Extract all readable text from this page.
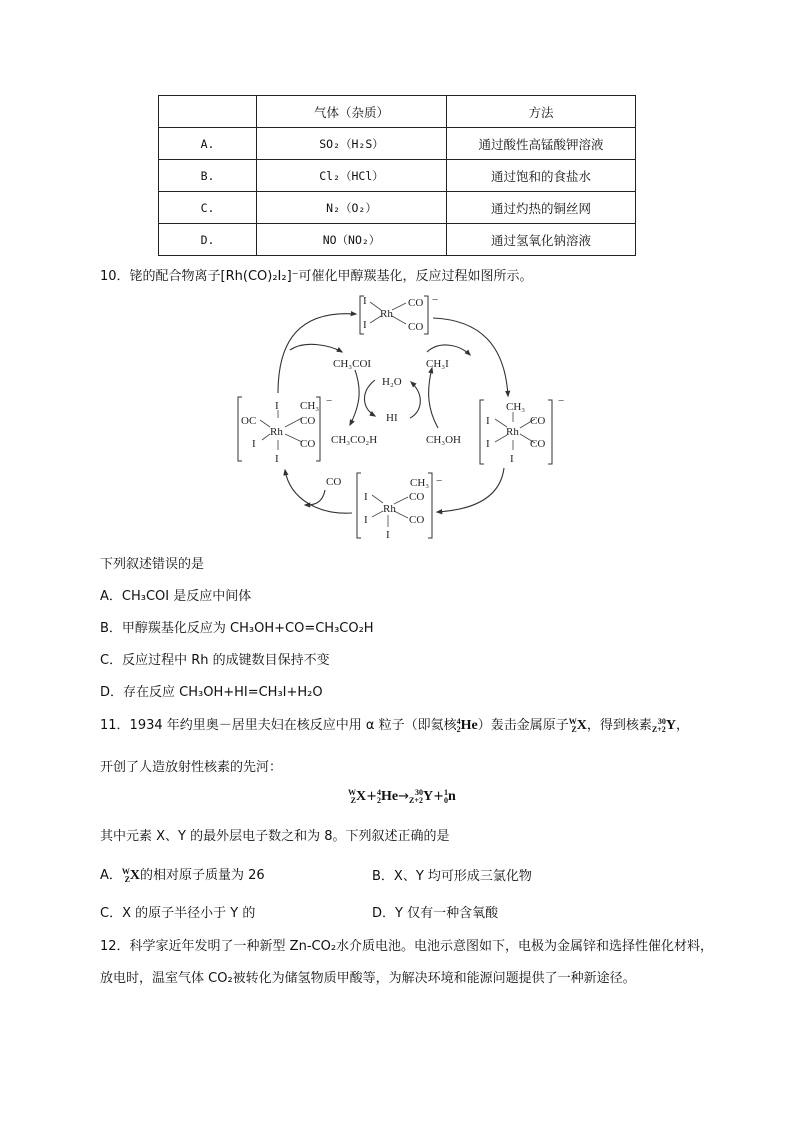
	气体（杂质）	方法
A.	SO₂（H₂S）	通过酸性高锰酸钾溶液
B.	Cl₂（HCl）	通过饱和的食盐水
C.	N₂（O₂）	通过灼热的铜丝网
D.	NO（NO₂）	通过氢氧化钠溶液
10．铑的配合物离子[Rh(CO)₂I₂]⁻可催化甲醇羰基化，反应过程如图所示。
I
I
Rh
CO
CO
−
I CH₃
OC
Rh
CO
I	CO
I
−	CH₃
I
Rh
CO
I	CO
I
−
CH₃
I
Rh
CO
I	CO
I
−
CH₃COI
H₂O
HI
CH₃CO₂H
CH₃I
CH₃OH
CO
下列叙述错误的是
A．CH₃COI 是反应中间体
B．甲醇羰基化反应为 CH₃OH+CO=CH₃CO₂H
C．反应过程中 Rh 的成键数目保持不变
D．存在反应 CH₃OH+HI=CH₃I+H₂O
11．1934 年约里奥－居里夫妇在核反应中用 α 粒子（即氦核 4
2 He）轰击金属原子 W
Z X，得到核素 30
Z+2 Y，
开创了人造放射性核素的先河：
W
Z X+ 4
2 He→ 30
Z+2 Y+ 1
0 n
其中元素 X、Y 的最外层电子数之和为 8。下列叙述正确的是
A． W
Z X的相对原子质量为 26	B．X、Y 均可形成三氯化物
C．X 的原子半径小于 Y 的	D．Y 仅有一种含氧酸
12．科学家近年发明了一种新型 Zn-CO₂水介质电池。电池示意图如下，电极为金属锌和选择性催化材料，
放电时，温室气体 CO₂被转化为储氢物质甲酸等，为解决环境和能源问题提供了一种新途径。
